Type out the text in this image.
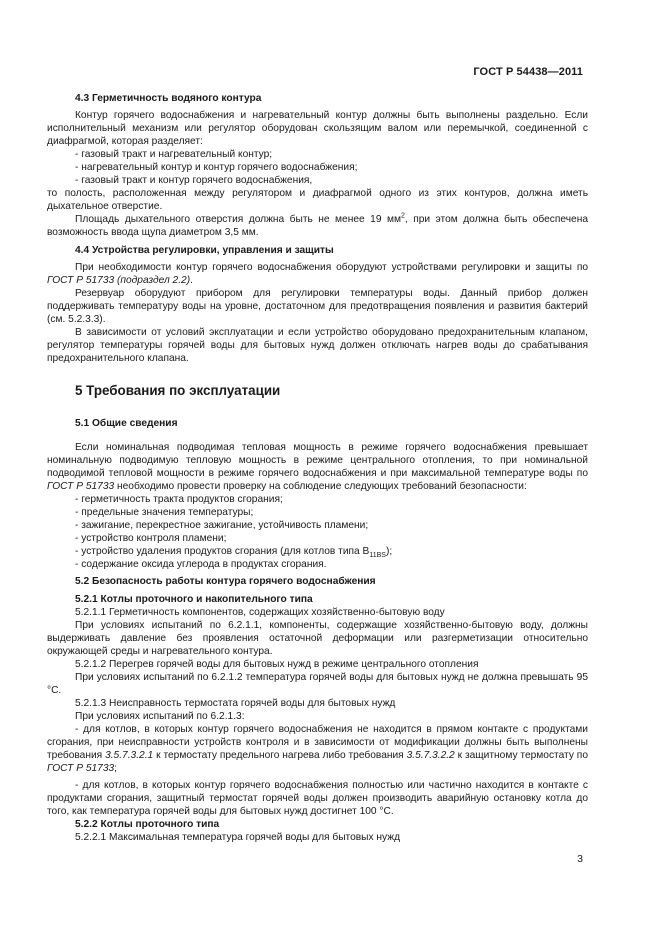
ГОСТ Р 54438—2011

4.3 Герметичность водяного контура

Контур горячего водоснабжения и нагревательный контур должны быть выполнены раздельно. Если исполнительный механизм или регулятор оборудован скользящим валом или перемычкой, соединенной с диафрагмой, которая разделяет:

- газовый тракт и нагревательный контур;

- нагревательный контур и контур горячего водоснабжения;

- газовый тракт и контур горячего водоснабжения,

то полость, расположенная между регулятором и диафрагмой одного из этих контуров, должна иметь дыхательное отверстие.

Площадь дыхательного отверстия должна быть не менее 19 $мм^2$, при этом должна быть обеспечена возможность ввода щупа диаметром 3,5 мм.

4.4 Устройства регулировки, управления и защиты

При необходимости контур горячего водоснабжения оборудуют устройствами регулировки и защиты по ГОСТ Р 51733 (подраздел 2.2).

Резервуар оборудуют прибором для регулировки температуры воды. Данный прибор должен поддерживать температуру воды на уровне, достаточном для предотвращения появления и развития бактерий (см. 5.2.3.3).

В зависимости от условий эксплуатации и если устройство оборудовано предохранительным клапаном, регулятор температуры горячей воды для бытовых нужд должен отключать нагрев воды до срабатывания предохранительного клапана.

5 Требования по эксплуатации

5.1 Общие сведения

Если номинальная подводимая тепловая мощность в режиме горячего водоснабжения превышает номинальную подводимую тепловую мощность в режиме центрального отопления, то при номинальной подводимой тепловой мощности в режиме горячего водоснабжения и при максимальной температуре воды по ГОСТ Р 51733 необходимо провести проверку на соблюдение следующих требований безопасности:

- герметичность тракта продуктов сгорания;

- предельные значения температуры;

- зажигание, перекрестное зажигание, устойчивость пламени;

- устройство контроля пламени;

- устройство удаления продуктов сгорания (для котлов типа $B_{11BS}$);

- содержание оксида углерода в продуктах сгорания.

5.2 Безопасность работы контура горячего водоснабжения

5.2.1 Котлы проточного и накопительного типа

5.2.1.1 Герметичность компонентов, содержащих хозяйственно-бытовую воду

При условиях испытаний по 6.2.1.1, компоненты, содержащие хозяйственно-бытовую воду, должны выдерживать давление без проявления остаточной деформации или разгерметизации относительно окружающей среды и нагревательного контура.

5.2.1.2 Перегрев горячей воды для бытовых нужд в режиме центрального отопления

При условиях испытаний по 6.2.1.2 температура горячей воды для бытовых нужд не должна превышать 95 °С.

5.2.1.3 Неисправность термостата горячей воды для бытовых нужд

При условиях испытаний по 6.2.1.3:

- для котлов, в которых контур горячего водоснабжения не находится в прямом контакте с продуктами сгорания, при неисправности устройств контроля и в зависимости от модификации должны быть выполнены требования 3.5.7.3.2.1 к термостату предельного нагрева либо требования 3.5.7.3.2.2 к защитному термостату по ГОСТ Р 51733;

- для котлов, в которых контур горячего водоснабжения полностью или частично находится в контакте с продуктами сгорания, защитный термостат горячей воды должен производить аварийную остановку котла до того, как температура горячей воды для бытовых нужд достигнет 100 °С.

5.2.2 Котлы проточного типа

5.2.2.1 Максимальная температура горячей воды для бытовых нужд

3
